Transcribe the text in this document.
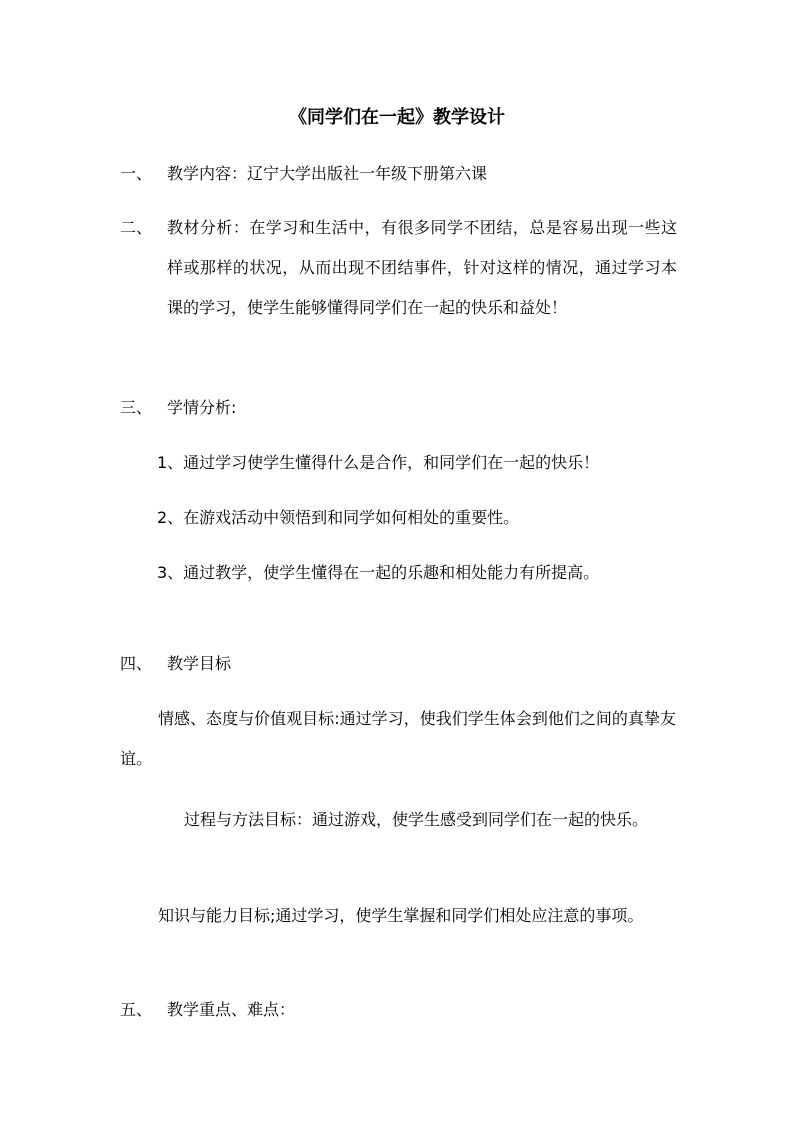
《同学们在一起》教学设计
一、 教学内容：辽宁大学出版社一年级下册第六课
二、 教材分析：在学习和生活中，有很多同学不团结，总是容易出现一些这样或那样的状况，从而出现不团结事件，针对这样的情况，通过学习本课的学习，使学生能够懂得同学们在一起的快乐和益处！
三、 学情分析:
1、通过学习使学生懂得什么是合作，和同学们在一起的快乐！
2、在游戏活动中领悟到和同学如何相处的重要性。
3、通过教学，使学生懂得在一起的乐趣和相处能力有所提高。
四、 教学目标
情感、态度与价值观目标:通过学习，使我们学生体会到他们之间的真挚友谊。
过程与方法目标：通过游戏，使学生感受到同学们在一起的快乐。
知识与能力目标;通过学习，使学生掌握和同学们相处应注意的事项。
五、 教学重点、难点：
